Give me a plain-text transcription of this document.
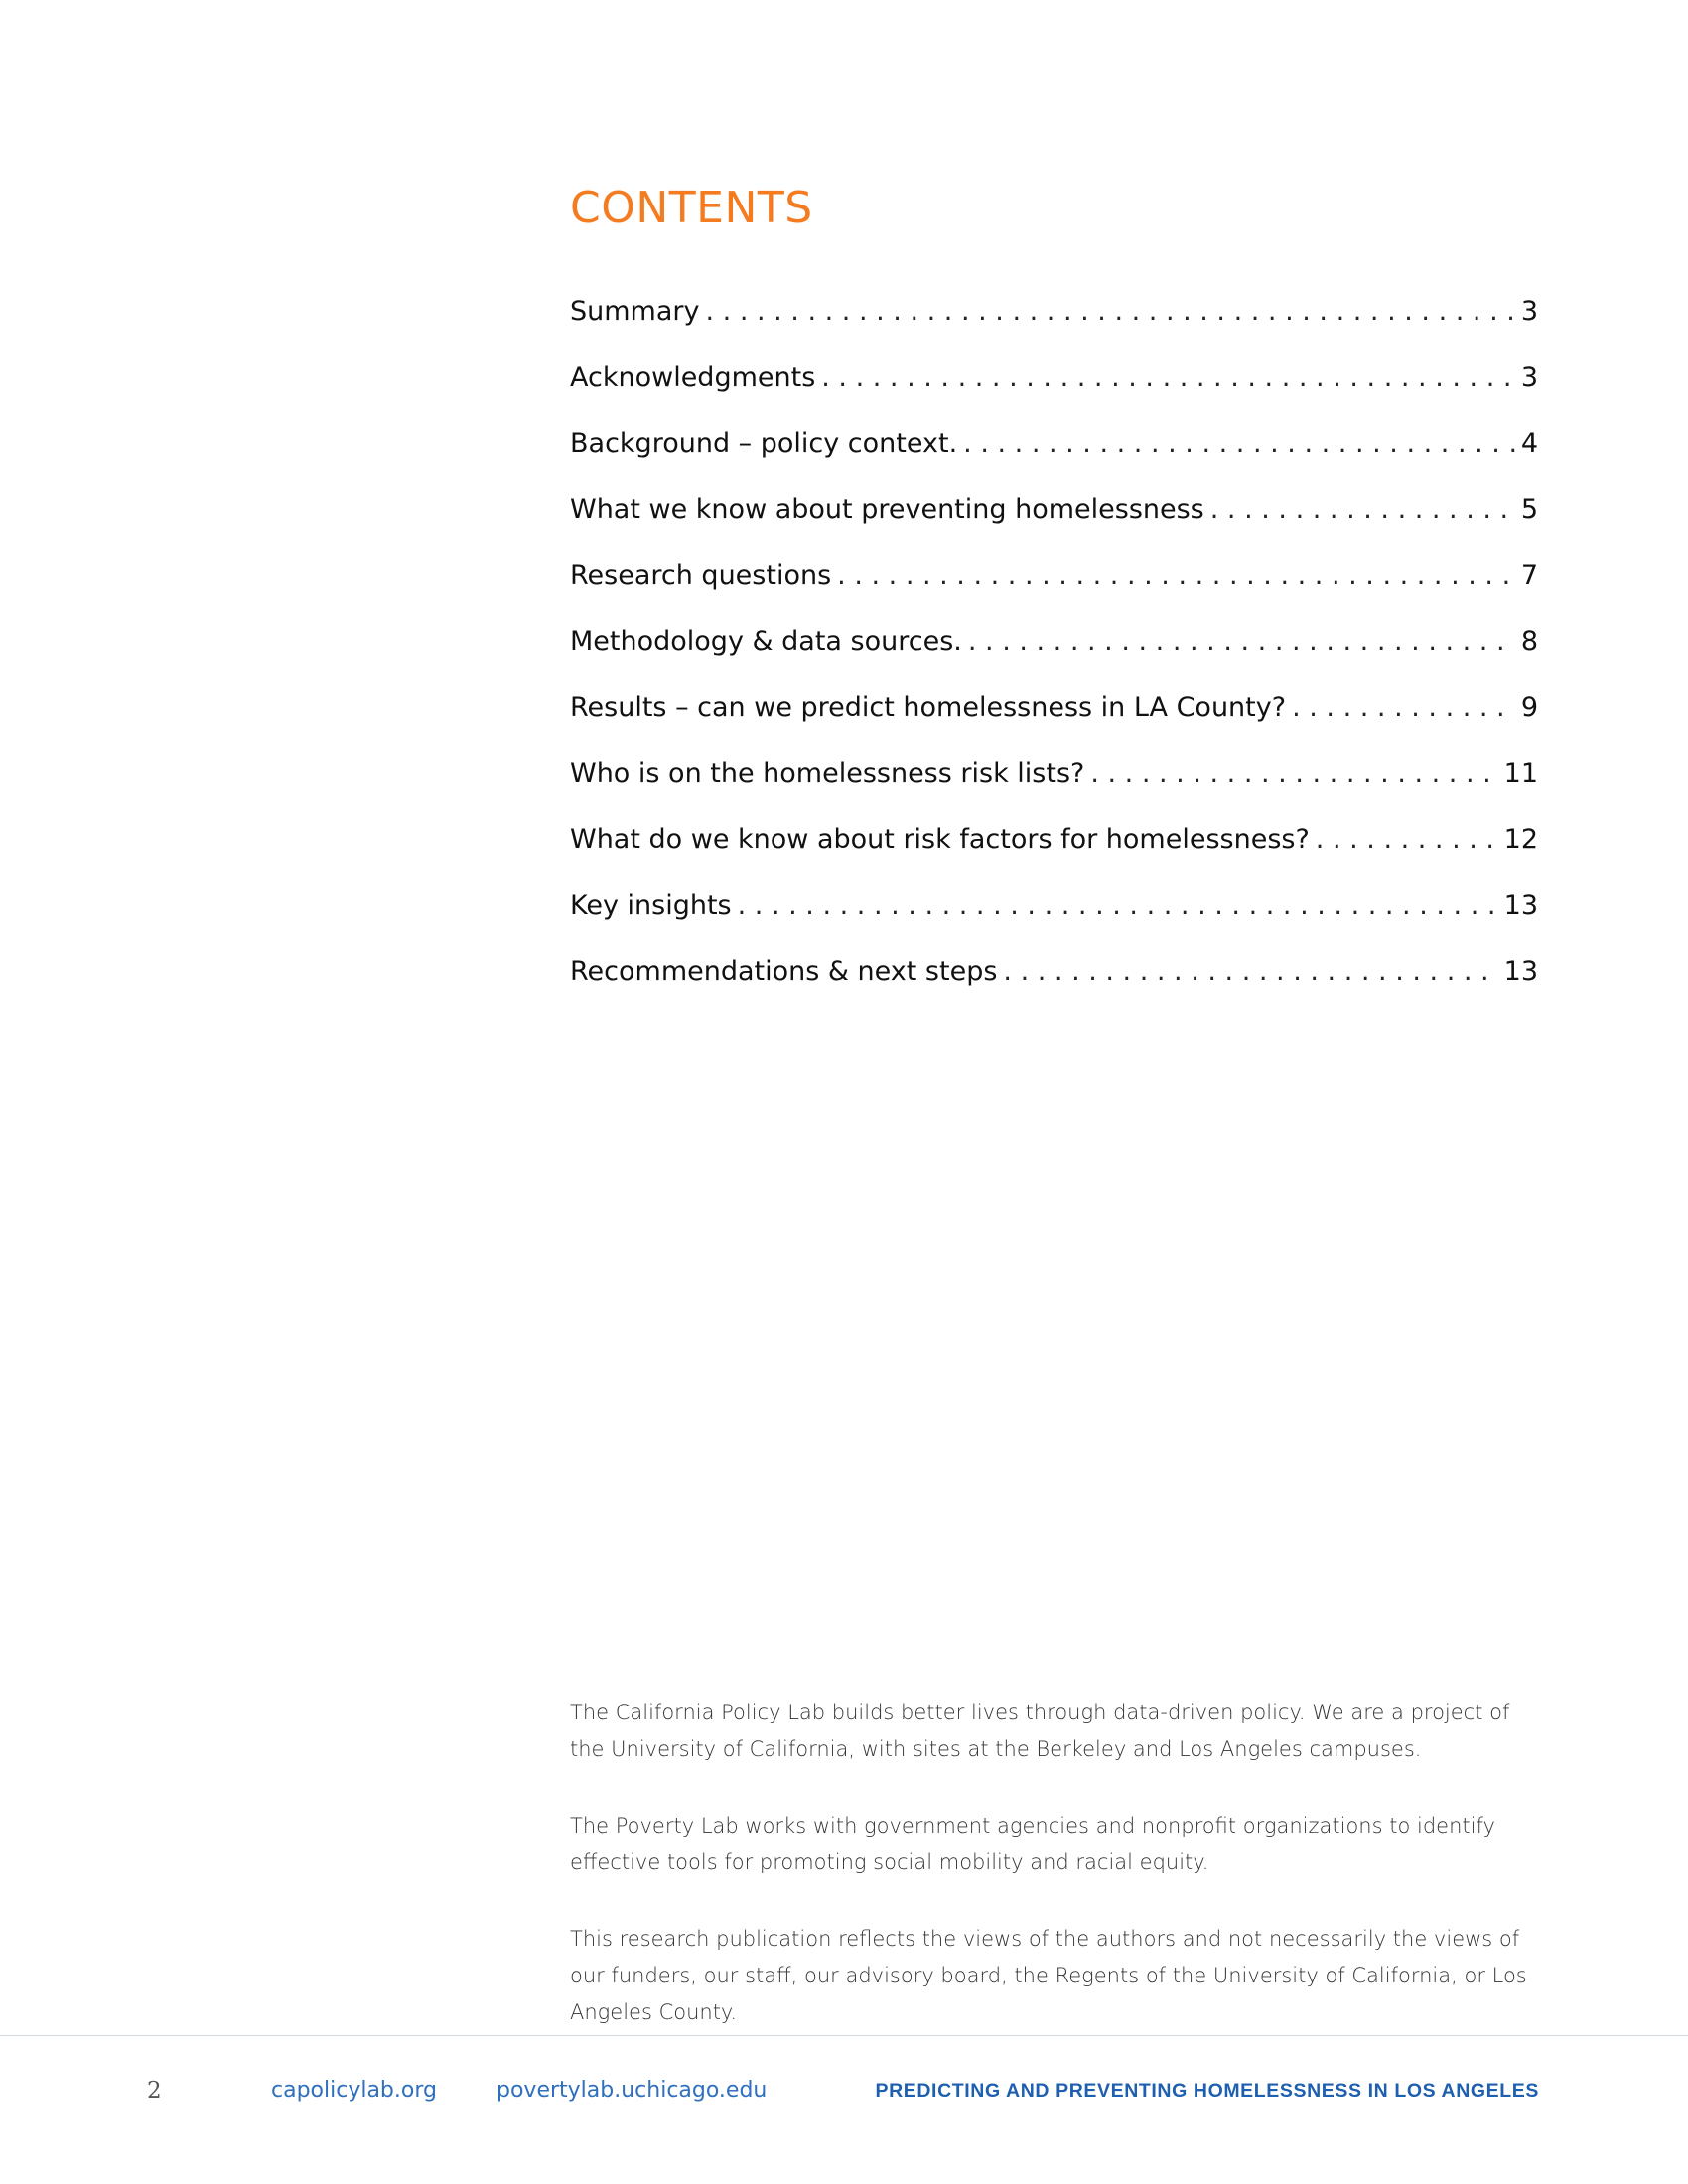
CONTENTS
Summary . . .	3
Acknowledgments . . .	3
Background – policy context. . . .	4
What we know about preventing homelessness . . .	5
Research questions . . .	7
Methodology & data sources. . . .	8
Results – can we predict homelessness in LA County? . . .	9
Who is on the homelessness risk lists? . . .	11
What do we know about risk factors for homelessness? . . .	12
Key insights . . .	13
Recommendations & next steps . . .	13

The California Policy Lab builds better lives through data-driven policy. We are a project of the University of California, with sites at the Berkeley and Los Angeles campuses.

The Poverty Lab works with government agencies and nonprofit organizations to identify effective tools for promoting social mobility and racial equity.

This research publication reflects the views of the authors and not necessarily the views of our funders, our staff, our advisory board, the Regents of the University of California, or Los Angeles County.

2	capolicylab.org	povertylab.uchicago.edu	PREDICTING AND PREVENTING HOMELESSNESS IN LOS ANGELES
